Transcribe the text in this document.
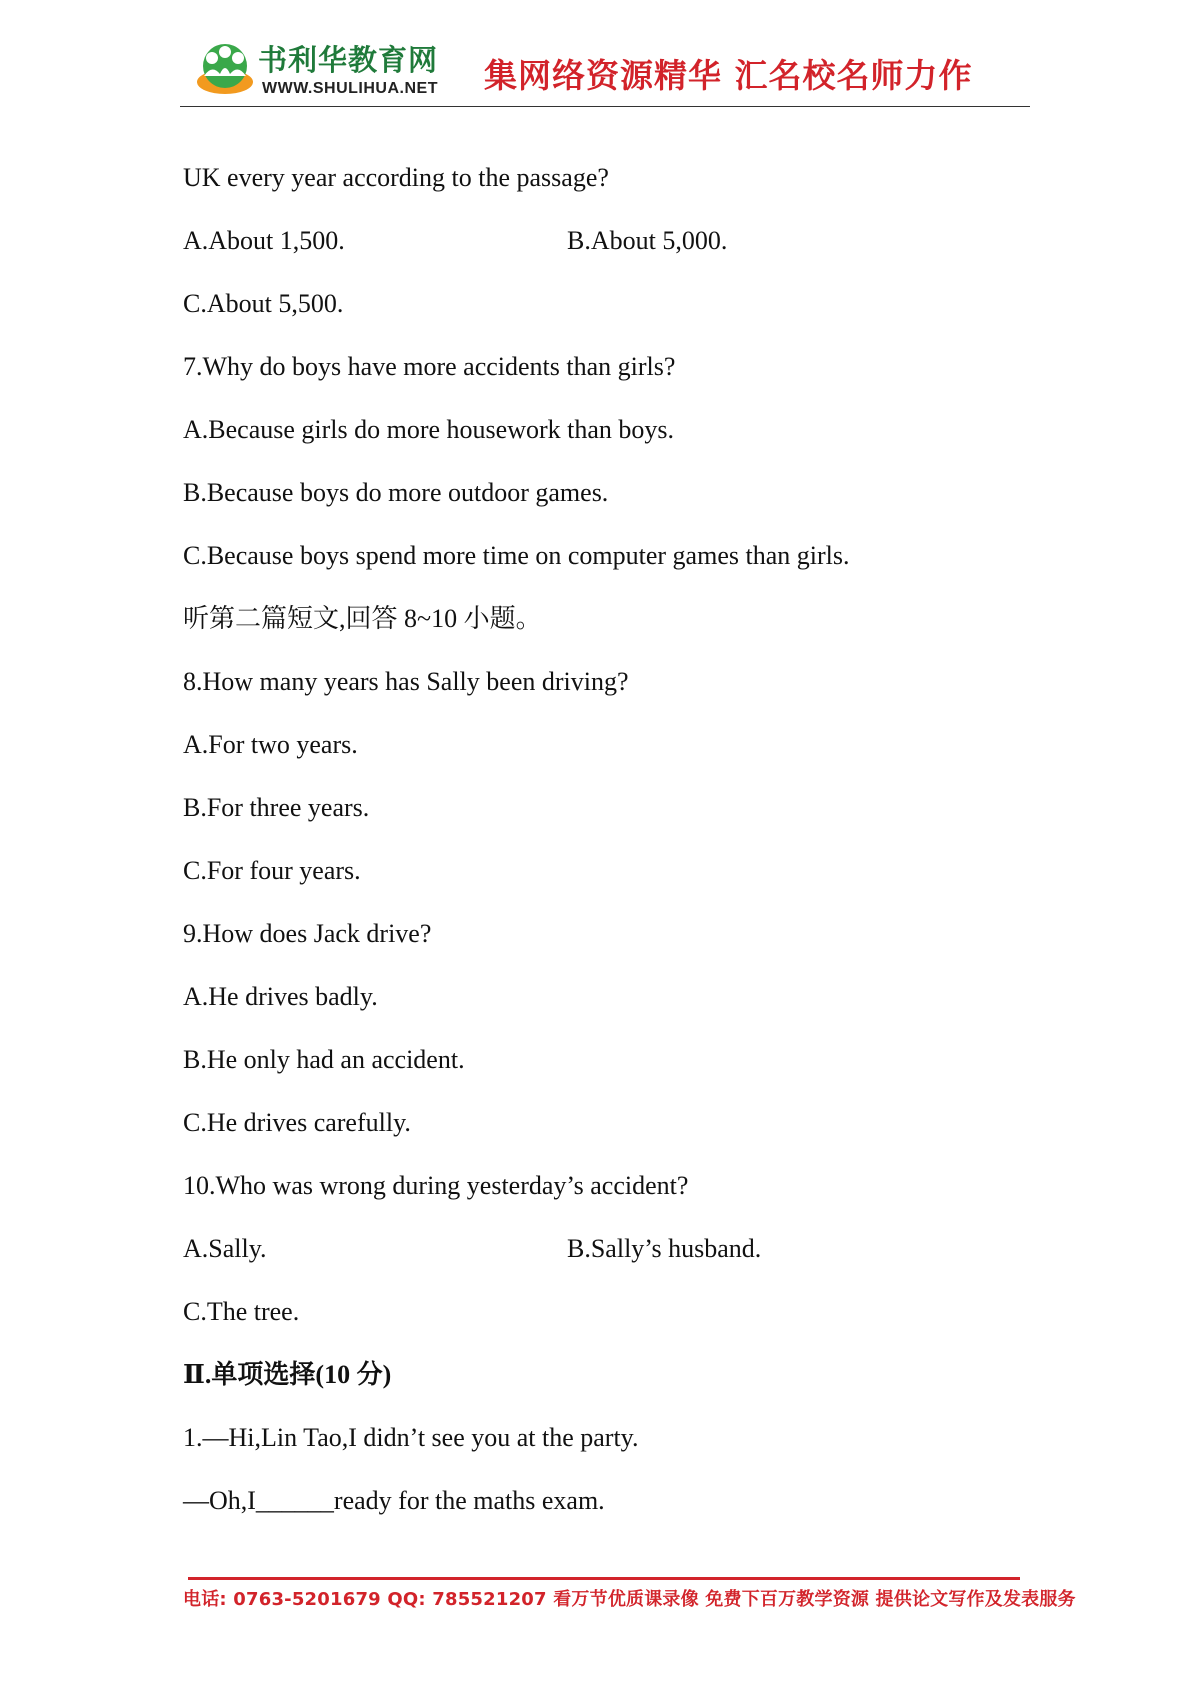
书利华教育网
WWW.SHULIHUA.NET 集网络资源精华 汇名校名师力作
UK every year according to the passage?
A.About 1,500.	B.About 5,000.
C.About 5,500.
7.Why do boys have more accidents than girls?
A.Because girls do more housework than boys.
B.Because boys do more outdoor games.
C.Because boys spend more time on computer games than girls.
听第二篇短文,回答 8~10 小题。
8.How many years has Sally been driving?
A.For two years.
B.For three years.
C.For four years.
9.How does Jack drive?
A.He drives badly.
B.He only had an accident.
C.He drives carefully.
10.Who was wrong during yesterday’s accident?
A.Sally.	B.Sally’s husband.
C.The tree.
Ⅱ.单项选择(10 分)
1.—Hi,Lin Tao,I didn’t see you at the party.
—Oh,I______ready for the maths exam.
电话: 0763-5201679 QQ: 785521207 看万节优质课录像 免费下百万教学资源 提供论文写作及发表服务
